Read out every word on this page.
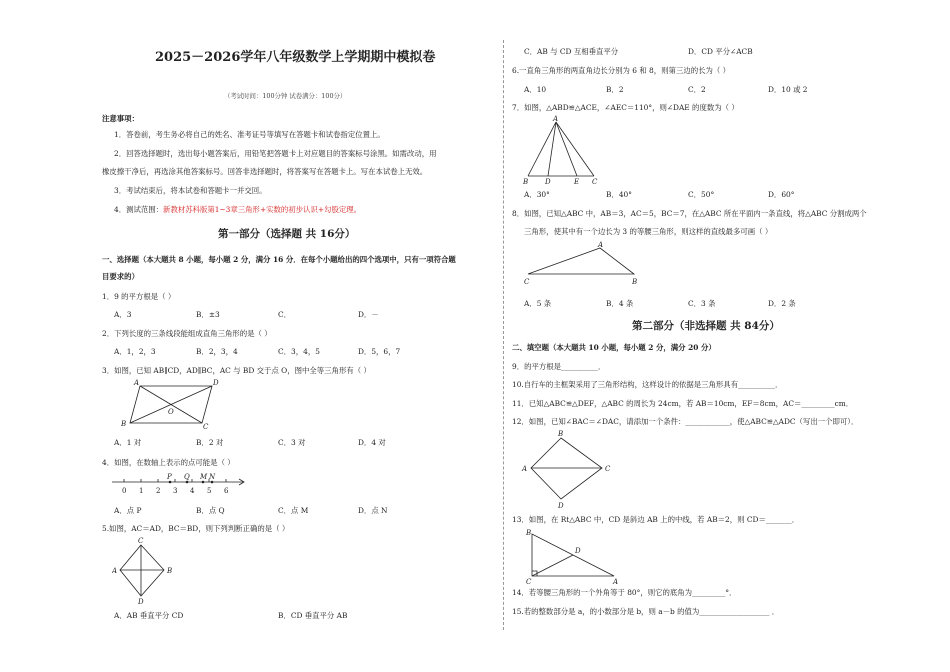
2025－2026学年八年级数学上学期期中模拟卷
（考试时间：100分钟 试卷满分：100分）
注意事项：
1．答卷前，考生务必将自己的姓名、准考证号等填写在答题卡和试卷指定位置上。
2．回答选择题时，选出每小题答案后，用铅笔把答题卡上对应题目的答案标号涂黑。如需改动，用
橡皮擦干净后，再选涂其他答案标号。回答非选择题时，将答案写在答题卡上。写在本试卷上无效。
3．考试结束后，将本试卷和答题卡一并交回。
4．测试范围：新教材苏科版第1~3章三角形+实数的初步认识+勾股定理。
第一部分（选择题 共 16分）
一、选择题（本大题共 8 小题，每小题 2 分，满分 16 分．在每个小题给出的四个选项中，只有一项符合题
目要求的）
1．9 的平方根是（ ）
A．3	B．±3	C．	D．－
2．下列长度的三条线段能组成直角三角形的是（ ）
A．1，2，3	B．2，3，4	C．3，4，5	D．5，6，7
3．如图，已知 AB∥CD，AD∥BC，AC 与 BD 交于点 O，图中全等三角形有（ ）
A	D
B	C
O
A．1 对	B．2 对	C．3 对	D．4 对
4．如图，在数轴上表示的点可能是（ ）
0 1 2 3 4 5 6
P Q M N
A．点 P	B．点 Q	C．点 M	D．点 N
5.如图，AC＝AD，BC＝BD，则下列判断正确的是（ ）
C
A	B
D
A．AB 垂直平分 CD	B．CD 垂直平分 AB
C．AB 与 CD 互相垂直平分	D．CD 平分∠ACB
6.一直角三角形的两直角边长分别为 6 和 8，则第三边的长为（ ）
A．10	B．2	C．2	D．10 或 2
7．如图，△ABD≌△ACE，∠AEC＝110°，则∠DAE 的度数为（ ）
A
B D	E C
A．30°	B．40°	C．50°	D．60°
8．如图，已知△ABC 中，AB＝3，AC＝5，BC＝7，在△ABC 所在平面内一条直线，将△ABC 分割成两个
三角形，使其中有一个边长为 3 的等腰三角形，则这样的直线最多可画（ ）
A
B
C
A．5 条	B．4 条	C．3 条	D．2 条
第二部分（非选择题 共 84分）
二、填空题（本大题共 10 小题，每小题 2 分，满分 20 分）
9．的平方根是__________．
10.自行车的主框架采用了三角形结构，这样设计的依据是三角形具有__________．
11．已知△ABC≌△DEF，△ABC 的周长为 24cm，若 AB＝10cm，EF＝8cm，AC＝_________cm．
12．如图，已知∠BAC＝∠DAC，请添加一个条件：____________，使△ABC≌△ADC（写出一个即可）．
B
A	C
D
13．如图，在 Rt△ABC 中，CD 是斜边 AB 上的中线，若 AB＝2，则 CD＝_______．
B
D
C	A
14．若等腰三角形的一个外角等于 80°，则它的底角为_________°．
15.若的整数部分是 a，的小数部分是 b，则 a－b 的值为___________________ ．
